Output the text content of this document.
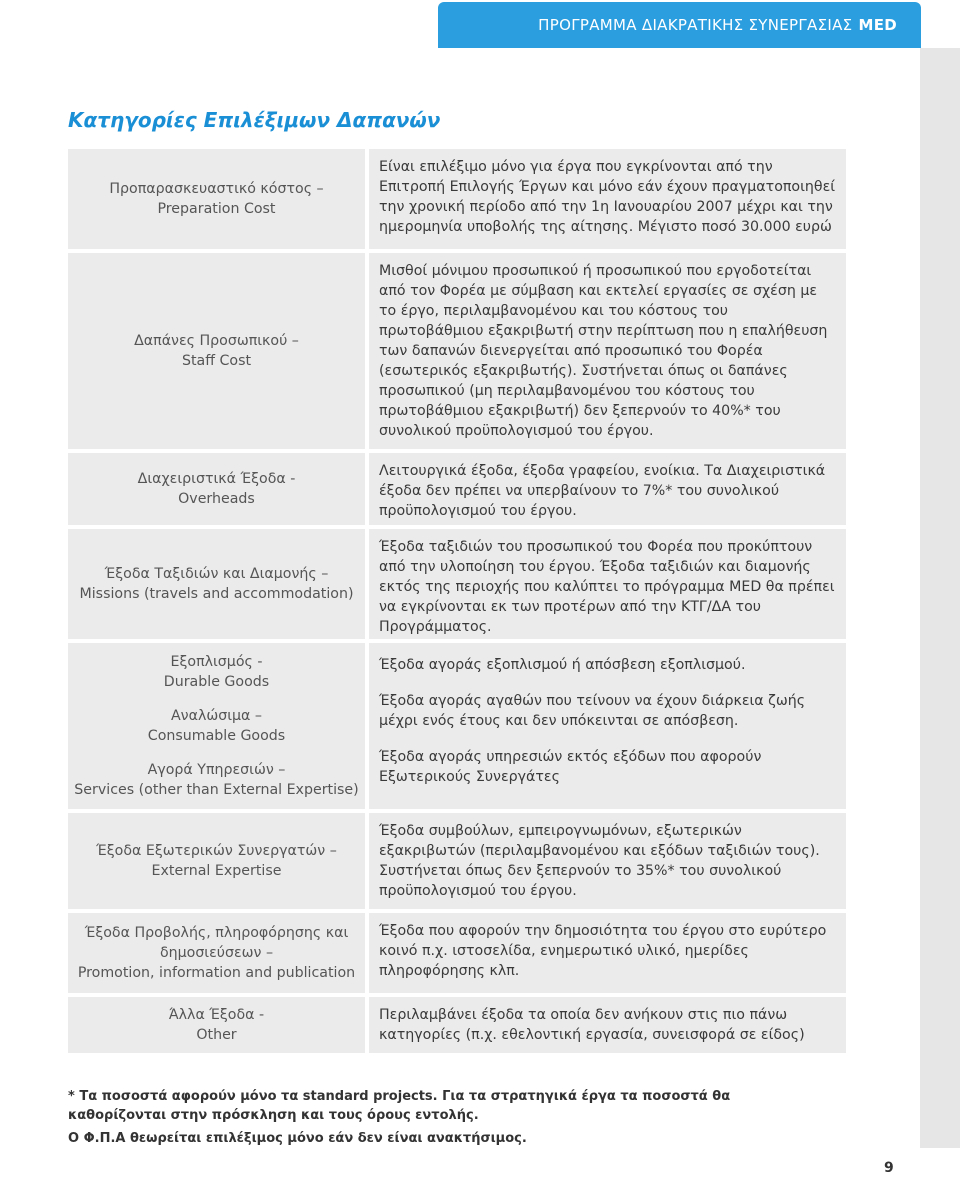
ΠΡΟΓΡΑΜΜΑ ΔΙΑΚΡΑΤΙΚΗΣ ΣΥΝΕΡΓΑΣΙΑΣ MED
Κατηγορίες Επιλέξιμων Δαπανών
Προπαρασκευαστικό κόστος –
Preparation Cost
Είναι επιλέξιμο μόνο για έργα που εγκρίνονται από την Επιτροπή Επιλογής Έργων και μόνο εάν έχουν πραγματοποιηθεί την χρονική περίοδο από την 1η Ιανουαρίου 2007 μέχρι και την ημερομηνία υποβολής της αίτησης. Μέγιστο ποσό 30.000 ευρώ
Δαπάνες Προσωπικού –
Staff Cost
Μισθοί μόνιμου προσωπικού ή προσωπικού που εργοδοτείται από τον Φορέα με σύμβαση και εκτελεί εργασίες σε σχέση με το έργο, περιλαμβανομένου και του κόστους του πρωτοβάθμιου εξακριβωτή στην περίπτωση που η επαλήθευση των δαπανών διενεργείται από προσωπικό του Φορέα (εσωτερικός εξακριβωτής). Συστήνεται όπως οι δαπάνες προσωπικού (μη περιλαμβανομένου του κόστους του πρωτοβάθμιου εξακριβωτή) δεν ξεπερνούν το 40%* του συνολικού προϋπολογισμού του έργου.
Διαχειριστικά Έξοδα -
Overheads
Λειτουργικά έξοδα, έξοδα γραφείου, ενοίκια. Τα Διαχειριστικά έξοδα δεν πρέπει να υπερβαίνουν το 7%* του συνολικού προϋπολογισμού του έργου.
Έξοδα Ταξιδιών και Διαμονής –
Missions (travels and accommodation)
Έξοδα ταξιδιών του προσωπικού του Φορέα που προκύπτουν από την υλοποίηση του έργου. Έξοδα ταξιδιών και διαμονής εκτός της περιοχής που καλύπτει το πρόγραμμα MED θα πρέπει να εγκρίνονται εκ των προτέρων από την ΚΤΓ/ΔΑ του Προγράμματος.
Εξοπλισμός -
Durable Goods
Αναλώσιμα –
Consumable Goods
Αγορά Υπηρεσιών –
Services (other than External Expertise)
Έξοδα αγοράς εξοπλισμού ή απόσβεση εξοπλισμού.
Έξοδα αγοράς αγαθών που τείνουν να έχουν διάρκεια ζωής μέχρι ενός έτους και δεν υπόκεινται σε απόσβεση.
Έξοδα αγοράς υπηρεσιών εκτός εξόδων που αφορούν Εξωτερικούς Συνεργάτες
Έξοδα Εξωτερικών Συνεργατών –
External Expertise
Έξοδα συμβούλων, εμπειρογνωμόνων, εξωτερικών εξακριβωτών (περιλαμβανομένου και εξόδων ταξιδιών τους). Συστήνεται όπως δεν ξεπερνούν το 35%* του συνολικού προϋπολογισμού του έργου.
Έξοδα Προβολής, πληροφόρησης και δημοσιεύσεων –
Promotion, information and publication
Έξοδα που αφορούν την δημοσιότητα του έργου στο ευρύτερο κοινό π.χ. ιστοσελίδα, ενημερωτικό υλικό, ημερίδες πληροφόρησης κλπ.
Άλλα Έξοδα -
Other
Περιλαμβάνει έξοδα τα οποία δεν ανήκουν στις πιο πάνω κατηγορίες (π.χ. εθελοντική εργασία, συνεισφορά σε είδος)
* Τα ποσοστά αφορούν μόνο τα standard projects. Για τα στρατηγικά έργα τα ποσοστά θα καθορίζονται στην πρόσκληση και τους όρους εντολής.
Ο Φ.Π.Α θεωρείται επιλέξιμος μόνο εάν δεν είναι ανακτήσιμος.
9
